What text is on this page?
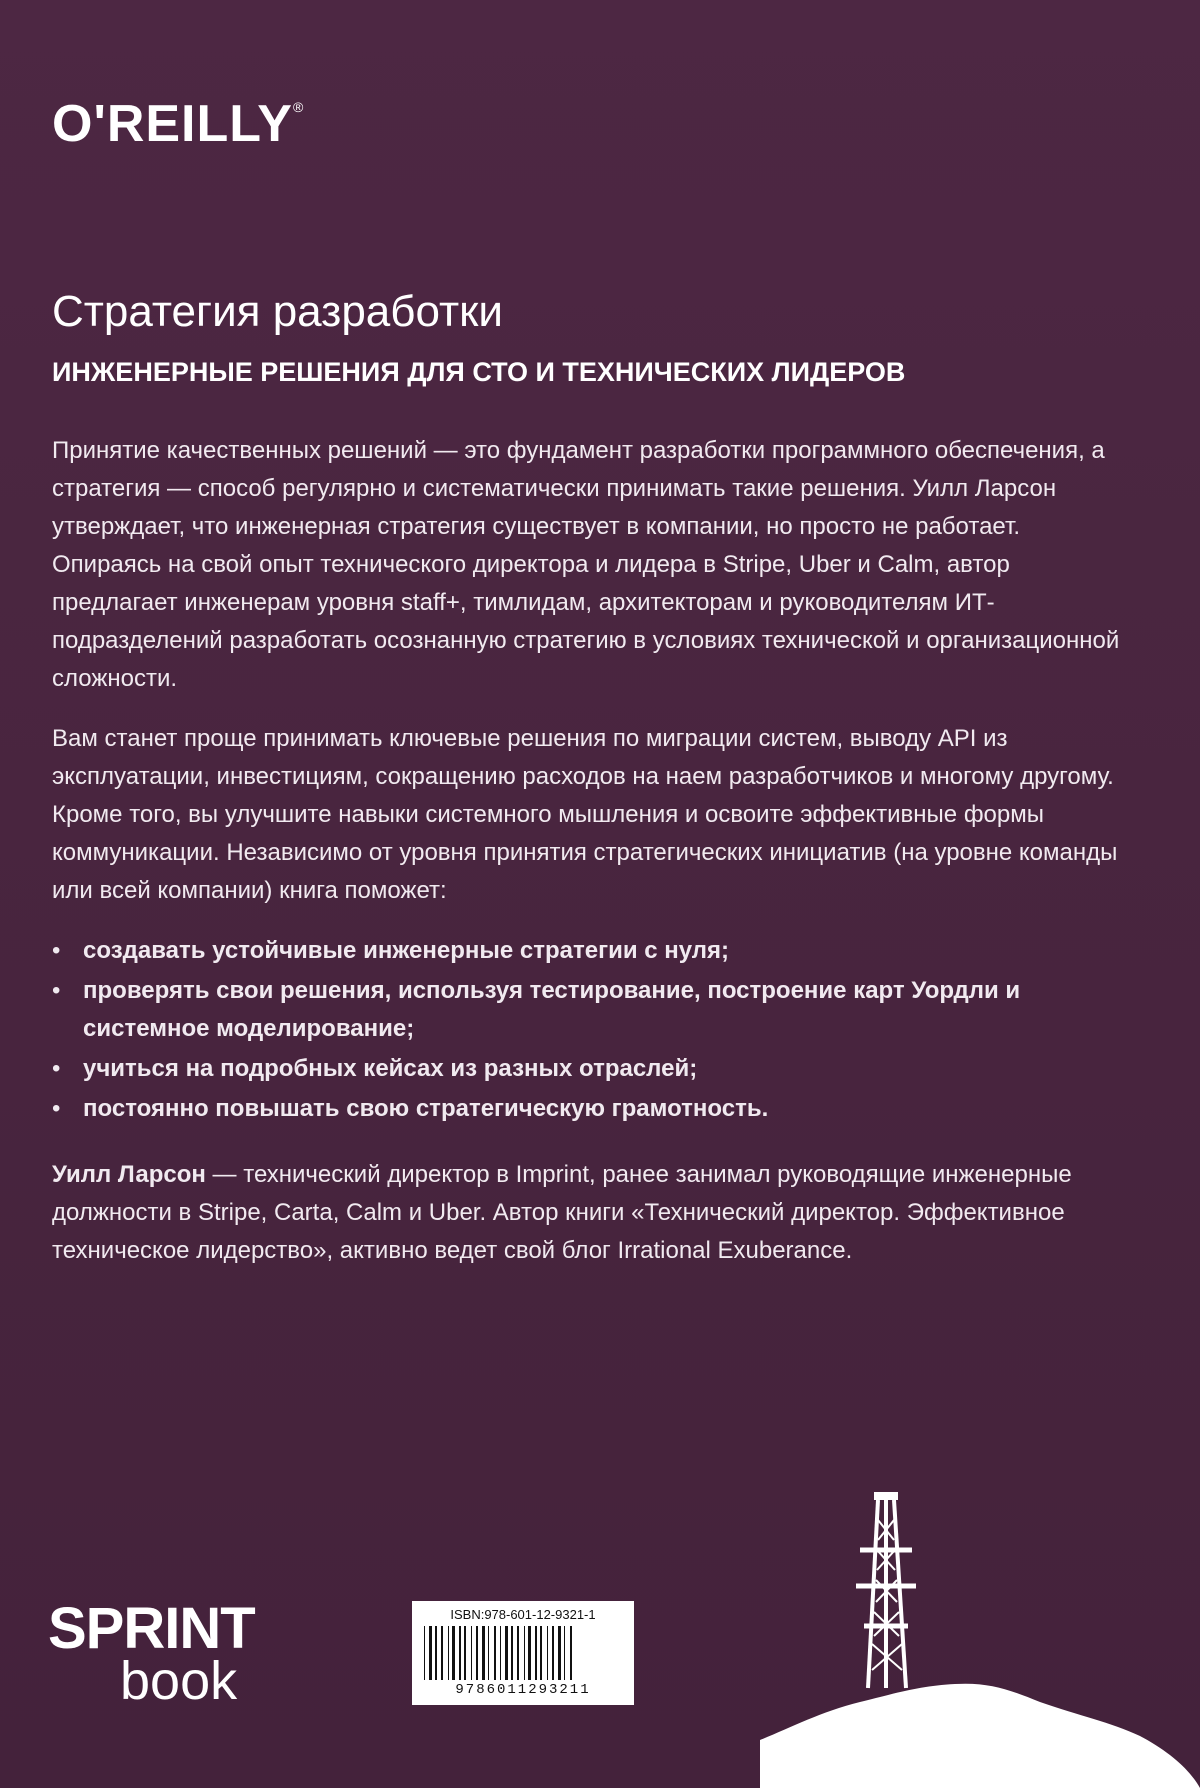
O'REILLY®
Стратегия разработки
ИНЖЕНЕРНЫЕ РЕШЕНИЯ ДЛЯ СТО И ТЕХНИЧЕСКИХ ЛИДЕРОВ

Принятие качественных решений — это фундамент разработки программного обеспечения, а стратегия — способ регулярно и систематически принимать такие решения. Уилл Ларсон утверждает, что инженерная стратегия существует в компании, но просто не работает. Опираясь на свой опыт технического директора и лидера в Stripe, Uber и Calm, автор предлагает инженерам уровня staff+, тимлидам, архитекторам и руководителям ИТ-подразделений разработать осознанную стратегию в условиях технической и организационной сложности.

Вам станет проще принимать ключевые решения по миграции систем, выводу API из эксплуатации, инвестициям, сокращению расходов на наем разработчиков и многому другому. Кроме того, вы улучшите навыки системного мышления и освоите эффективные формы коммуникации. Независимо от уровня принятия стратегических инициатив (на уровне команды или всей компании) книга поможет:

• создавать устойчивые инженерные стратегии с нуля;
• проверять свои решения, используя тестирование, построение карт Уордли и системное моделирование;
• учиться на подробных кейсах из разных отраслей;
• постоянно повышать свою стратегическую грамотность.

Уилл Ларсон — технический директор в Imprint, ранее занимал руководящие инженерные должности в Stripe, Carta, Calm и Uber. Автор книги «Технический директор. Эффективное техническое лидерство», активно ведет свой блог Irrational Exuberance.

SPRINT
book
ISBN:978-601-12-9321-1
9786011293211
